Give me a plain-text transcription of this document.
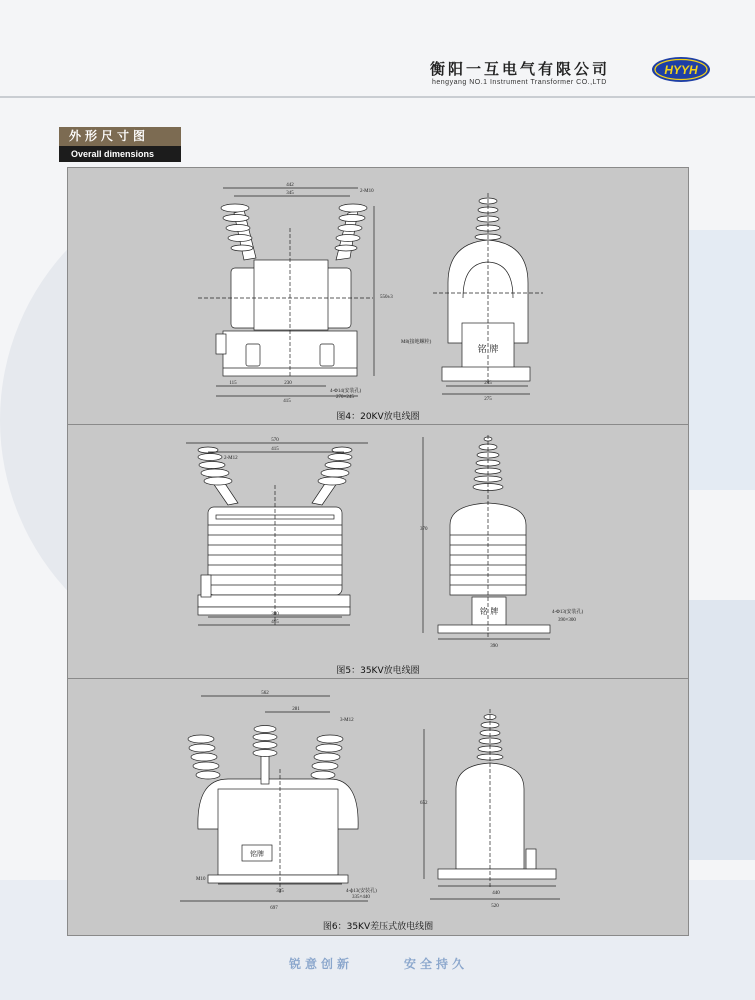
衡阳一互电气有限公司
hengyang NO.1 Instrument Transformer CO.,LTD
HYYH
外形尺寸图
Overall dimensions
442
345	2-M10
550±3
115	230
415
M8(接地螺栓)
4-Φ14(安装孔)
270×245
245
275
铭 牌
图4：20KV放电线圈
570
415
2-M12
370
300
465
4-Φ13(安装孔)
390×300
390
铭 牌
图5：35KV放电线圈
562
281
3-M12
652
M10
335
697
4-ф13(安装孔)
335×440
440
520
铭牌
图6：35KV差压式放电线圈
锐意创新	安全持久
